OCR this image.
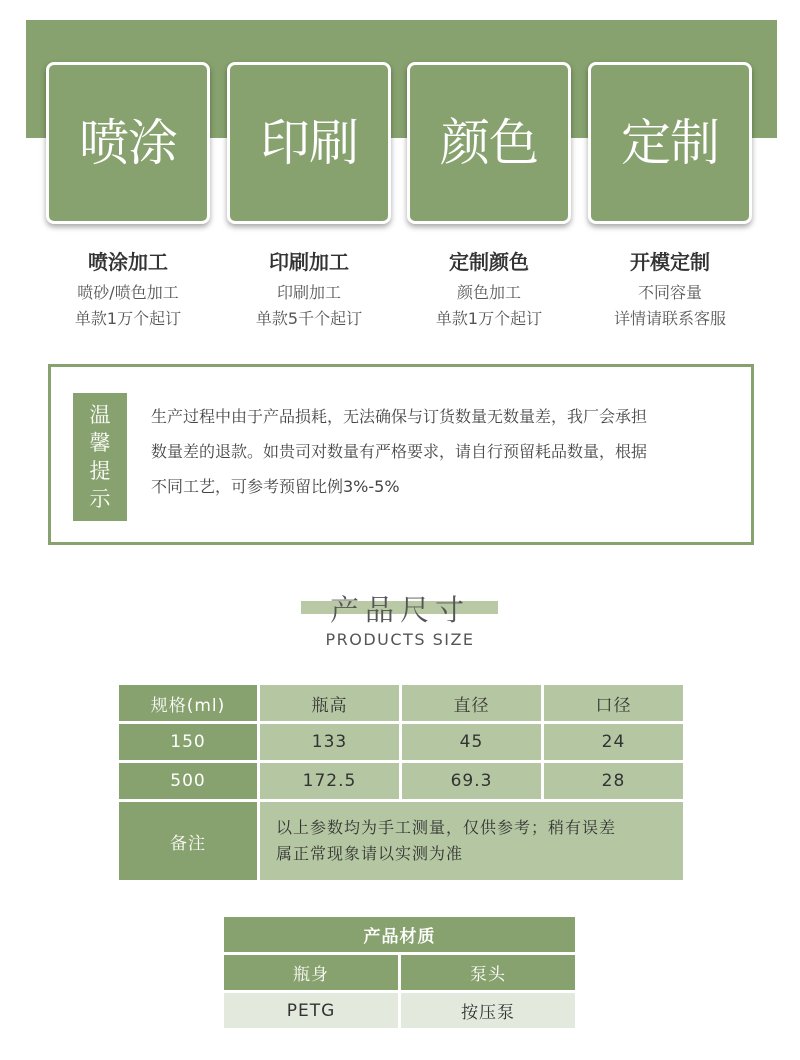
喷涂 印刷 颜色 定制
喷涂加工
喷砂/喷色加工
单款1万个起订
印刷加工
印刷加工
单款5千个起订
定制颜色
颜色加工
单款1万个起订
开模定制
不同容量
详情请联系客服
温
馨
提
示
生产过程中由于产品损耗，无法确保与订货数量无数量差，我厂会承担
数量差的退款。如贵司对数量有严格要求，请自行预留耗品数量，根据
不同工艺，可参考预留比例3%-5%
产品尺寸
PRODUCTS SIZE
规格(ml)	瓶高	直径	口径
150	133	45	24
500	172.5	69.3	28
备注	以上参数均为手工测量，仅供参考；稍有误差
属正常现象请以实测为准		
产品材质	
瓶身	泵头
PETG	按压泵
